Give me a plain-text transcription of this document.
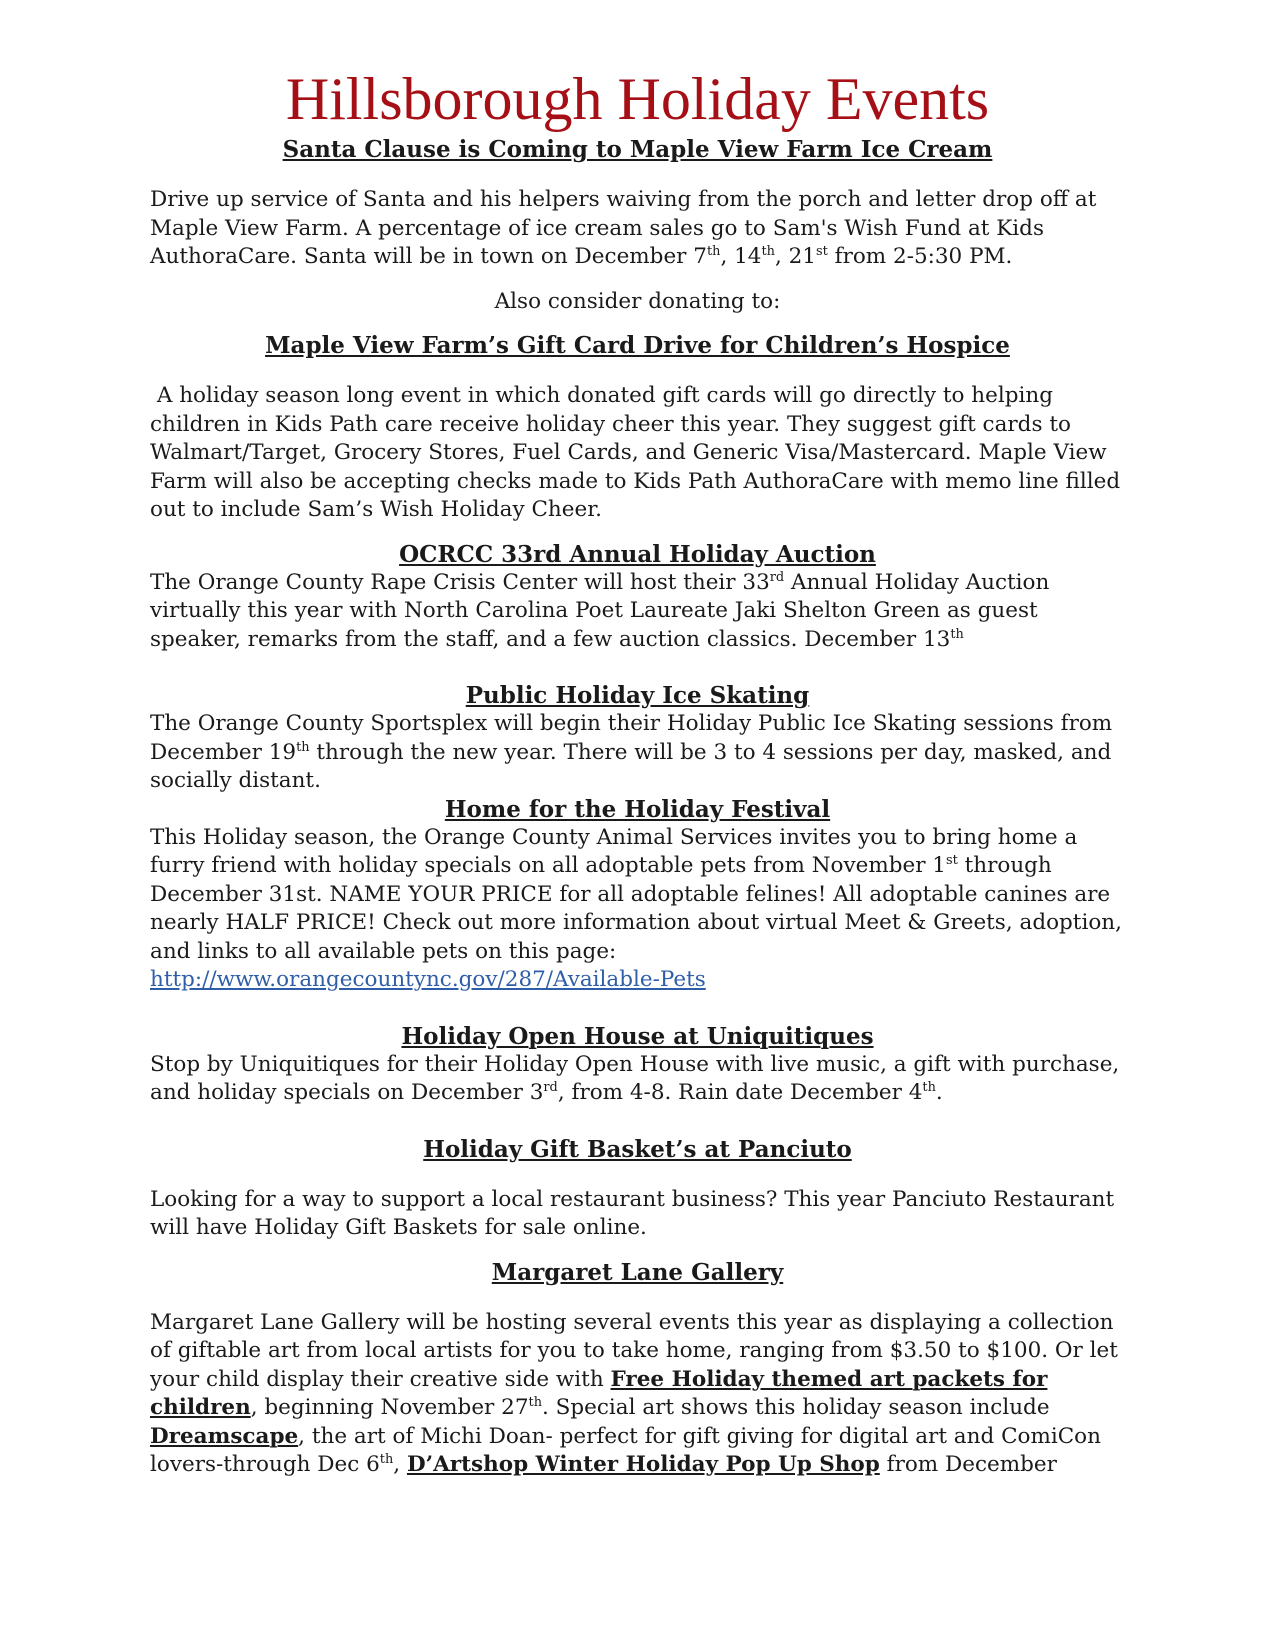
Hillsborough Holiday Events

Santa Clause is Coming to Maple View Farm Ice Cream

Drive up service of Santa and his helpers waiving from the porch and letter drop off at Maple View Farm. A percentage of ice cream sales go to Sam's Wish Fund at Kids AuthoraCare. Santa will be in town on December 7th, 14th, 21st from 2-5:30 PM.

Also consider donating to:

Maple View Farm’s Gift Card Drive for Children’s Hospice

A holiday season long event in which donated gift cards will go directly to helping children in Kids Path care receive holiday cheer this year. They suggest gift cards to Walmart/Target, Grocery Stores, Fuel Cards, and Generic Visa/Mastercard. Maple View Farm will also be accepting checks made to Kids Path AuthoraCare with memo line filled out to include Sam’s Wish Holiday Cheer.

OCRCC 33rd Annual Holiday Auction

The Orange County Rape Crisis Center will host their 33rd Annual Holiday Auction virtually this year with North Carolina Poet Laureate Jaki Shelton Green as guest speaker, remarks from the staff, and a few auction classics. December 13th

Public Holiday Ice Skating

The Orange County Sportsplex will begin their Holiday Public Ice Skating sessions from December 19th through the new year. There will be 3 to 4 sessions per day, masked, and socially distant.

Home for the Holiday Festival

This Holiday season, the Orange County Animal Services invites you to bring home a furry friend with holiday specials on all adoptable pets from November 1st through December 31st. NAME YOUR PRICE for all adoptable felines! All adoptable canines are nearly HALF PRICE! Check out more information about virtual Meet & Greets, adoption, and links to all available pets on this page:
http://www.orangecountync.gov/287/Available-Pets

Holiday Open House at Uniquitiques

Stop by Uniquitiques for their Holiday Open House with live music, a gift with purchase, and holiday specials on December 3rd, from 4-8. Rain date December 4th.

Holiday Gift Basket’s at Panciuto

Looking for a way to support a local restaurant business? This year Panciuto Restaurant will have Holiday Gift Baskets for sale online.

Margaret Lane Gallery

Margaret Lane Gallery will be hosting several events this year as displaying a collection of giftable art from local artists for you to take home, ranging from $3.50 to $100. Or let your child display their creative side with Free Holiday themed art packets for children, beginning November 27th. Special art shows this holiday season include Dreamscape, the art of Michi Doan- perfect for gift giving for digital art and ComiCon lovers-through Dec 6th, D’Artshop Winter Holiday Pop Up Shop from December
